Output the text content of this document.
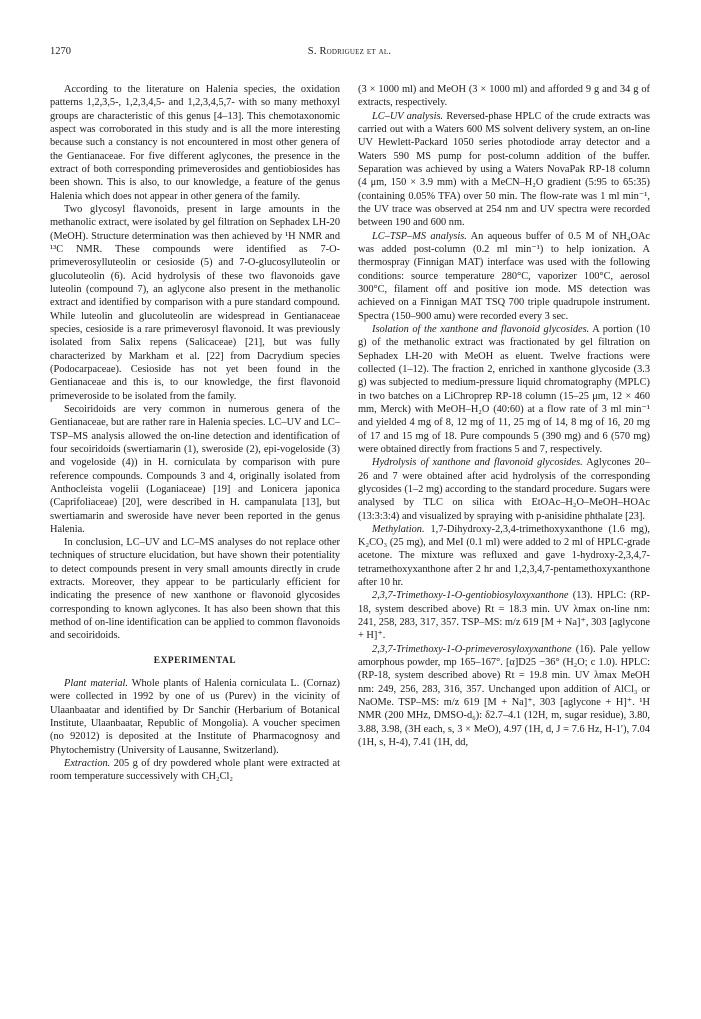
1270	S. Rodriguez et al.

According to the literature on Halenia species, the oxidation patterns 1,2,3,5-, 1,2,3,4,5- and 1,2,3,4,5,7- with so many methoxyl groups are characteristic of this genus [4–13]. This chemotaxonomic aspect was corroborated in this study and is all the more interesting because such a constancy is not encountered in most other genera of the Gentianaceae. For five different aglycones, the presence in the extract of both corresponding primeverosides and gentiobiosides has been shown. This is also, to our knowledge, a feature of the genus Halenia which does not appear in other genera of the family.

Two glycosyl flavonoids, present in large amounts in the methanolic extract, were isolated by gel filtration on Sephadex LH-20 (MeOH). Structure determination was then achieved by ¹H NMR and ¹³C NMR. These compounds were identified as 7-O-primeverosylluteolin or cesioside (5) and 7-O-glucosylluteolin or glucoluteolin (6). Acid hydrolysis of these two flavonoids gave luteolin (compound 7), an aglycone also present in the methanolic extract and identified by comparison with a pure standard compound. While luteolin and glucoluteolin are widespread in Gentianaceae species, cesioside is a rare primeverosyl flavonoid. It was previously isolated from Salix repens (Salicaceae) [21], but was fully characterized by Markham et al. [22] from Dacrydium species (Podocarpaceae). Cesioside has not yet been found in the Gentianaceae and this is, to our knowledge, the first flavonoid primeveroside to be isolated from the family.

Secoiridoids are very common in numerous genera of the Gentianaceae, but are rather rare in Halenia species. LC–UV and LC–TSP–MS analysis allowed the on-line detection and identification of four secoiridoids (swertiamarin (1), sweroside (2), epi-vogeloside (3) and vogeloside (4)) in H. corniculata by comparison with pure reference compounds. Compounds 3 and 4, originally isolated from Anthocleista vogelii (Loganiaceae) [19] and Lonicera japonica (Caprifoliaceae) [20], were described in H. campanulata [13], but swertiamarin and sweroside have never been reported in the genus Halenia.

In conclusion, LC–UV and LC–MS analyses do not replace other techniques of structure elucidation, but have shown their potentiality to detect compounds present in very small amounts directly in crude extracts. Moreover, they appear to be particularly efficient for indicating the presence of new xanthone or flavonoid glycosides corresponding to known aglycones. It has also been shown that this method of on-line identification can be applied to common flavonoids and secoiridoids.

EXPERIMENTAL

Plant material. Whole plants of Halenia corniculata L. (Cornaz) were collected in 1992 by one of us (Purev) in the vicinity of Ulaanbaatar and identified by Dr Sanchir (Herbarium of Botanical Institute, Ulaanbaatar, Republic of Mongolia). A voucher specimen (no 92012) is deposited at the Institute of Pharmacognosy and Phytochemistry (University of Lausanne, Switzerland).

Extraction. 205 g of dry powdered whole plant were extracted at room temperature successively with CH₂Cl₂

(3 × 1000 ml) and MeOH (3 × 1000 ml) and afforded 9 g and 34 g of extracts, respectively.

LC–UV analysis. Reversed-phase HPLC of the crude extracts was carried out with a Waters 600 MS solvent delivery system, an on-line UV Hewlett-Packard 1050 series photodiode array detector and a Waters 590 MS pump for post-column addition of the buffer. Separation was achieved by using a Waters NovaPak RP-18 column (4 μm, 150 × 3.9 mm) with a MeCN–H₂O gradient (5:95 to 65:35) (containing 0.05% TFA) over 50 min. The flow-rate was 1 ml min⁻¹, the UV trace was observed at 254 nm and UV spectra were recorded between 190 and 600 nm.

LC–TSP–MS analysis. An aqueous buffer of 0.5 M of NH₄OAc was added post-column (0.2 ml min⁻¹) to help ionization. A thermospray (Finnigan MAT) interface was used with the following conditions: source temperature 280°C, vaporizer 100°C, aerosol 300°C, filament off and positive ion mode. MS detection was achieved on a Finnigan MAT TSQ 700 triple quadrupole instrument. Spectra (150–900 amu) were recorded every 3 sec.

Isolation of the xanthone and flavonoid glycosides. A portion (10 g) of the methanolic extract was fractionated by gel filtration on Sephadex LH-20 with MeOH as eluent. Twelve fractions were collected (1–12). The fraction 2, enriched in xanthone glycoside (3.3 g) was subjected to medium-pressure liquid chromatography (MPLC) in two batches on a LiChroprep RP-18 column (15–25 μm, 12 × 460 mm, Merck) with MeOH–H₂O (40:60) at a flow rate of 3 ml min⁻¹ and yielded 4 mg of 8, 12 mg of 11, 25 mg of 14, 8 mg of 16, 20 mg of 17 and 15 mg of 18. Pure compounds 5 (390 mg) and 6 (570 mg) were obtained directly from fractions 5 and 7, respectively.

Hydrolysis of xanthone and flavonoid glycosides. Aglycones 20–26 and 7 were obtained after acid hydrolysis of the corresponding glycosides (1–2 mg) according to the standard procedure. Sugars were analysed by TLC on silica with EtOAc–H₂O–MeOH–HOAc (13:3:3:4) and visualized by spraying with p-anisidine phthalate [23].

Methylation. 1,7-Dihydroxy-2,3,4-trimethoxyxanthone (1.6 mg), K₂CO₃ (25 mg), and MeI (0.1 ml) were added to 2 ml of HPLC-grade acetone. The mixture was refluxed and gave 1-hydroxy-2,3,4,7-tetramethoxyxanthone after 2 hr and 1,2,3,4,7-pentamethoxyxanthone after 10 hr.

2,3,7-Trimethoxy-1-O-gentiobiosyloxyxanthone (13). HPLC: (RP-18, system described above) Rt = 18.3 min. UV λmax on-line nm: 241, 258, 283, 317, 357. TSP–MS: m/z 619 [M + Na]⁺, 303 [aglycone + H]⁺.

2,3,7-Trimethoxy-1-O-primeverosyloxyxanthone (16). Pale yellow amorphous powder, mp 165–167°. [α]D25 −36° (H₂O; c 1.0). HPLC: (RP-18, system described above) Rt = 19.8 min. UV λmax MeOH nm: 249, 256, 283, 316, 357. Unchanged upon addition of AlCl₃ or NaOMe. TSP–MS: m/z 619 [M + Na]⁺, 303 [aglycone + H]⁺. ¹H NMR (200 MHz, DMSO-d₆): δ2.7–4.1 (12H, m, sugar residue), 3.80, 3.88, 3.98, (3H each, s, 3 × MeO), 4.97 (1H, d, J = 7.6 Hz, H-1′), 7.04 (1H, s, H-4), 7.41 (1H, dd,
